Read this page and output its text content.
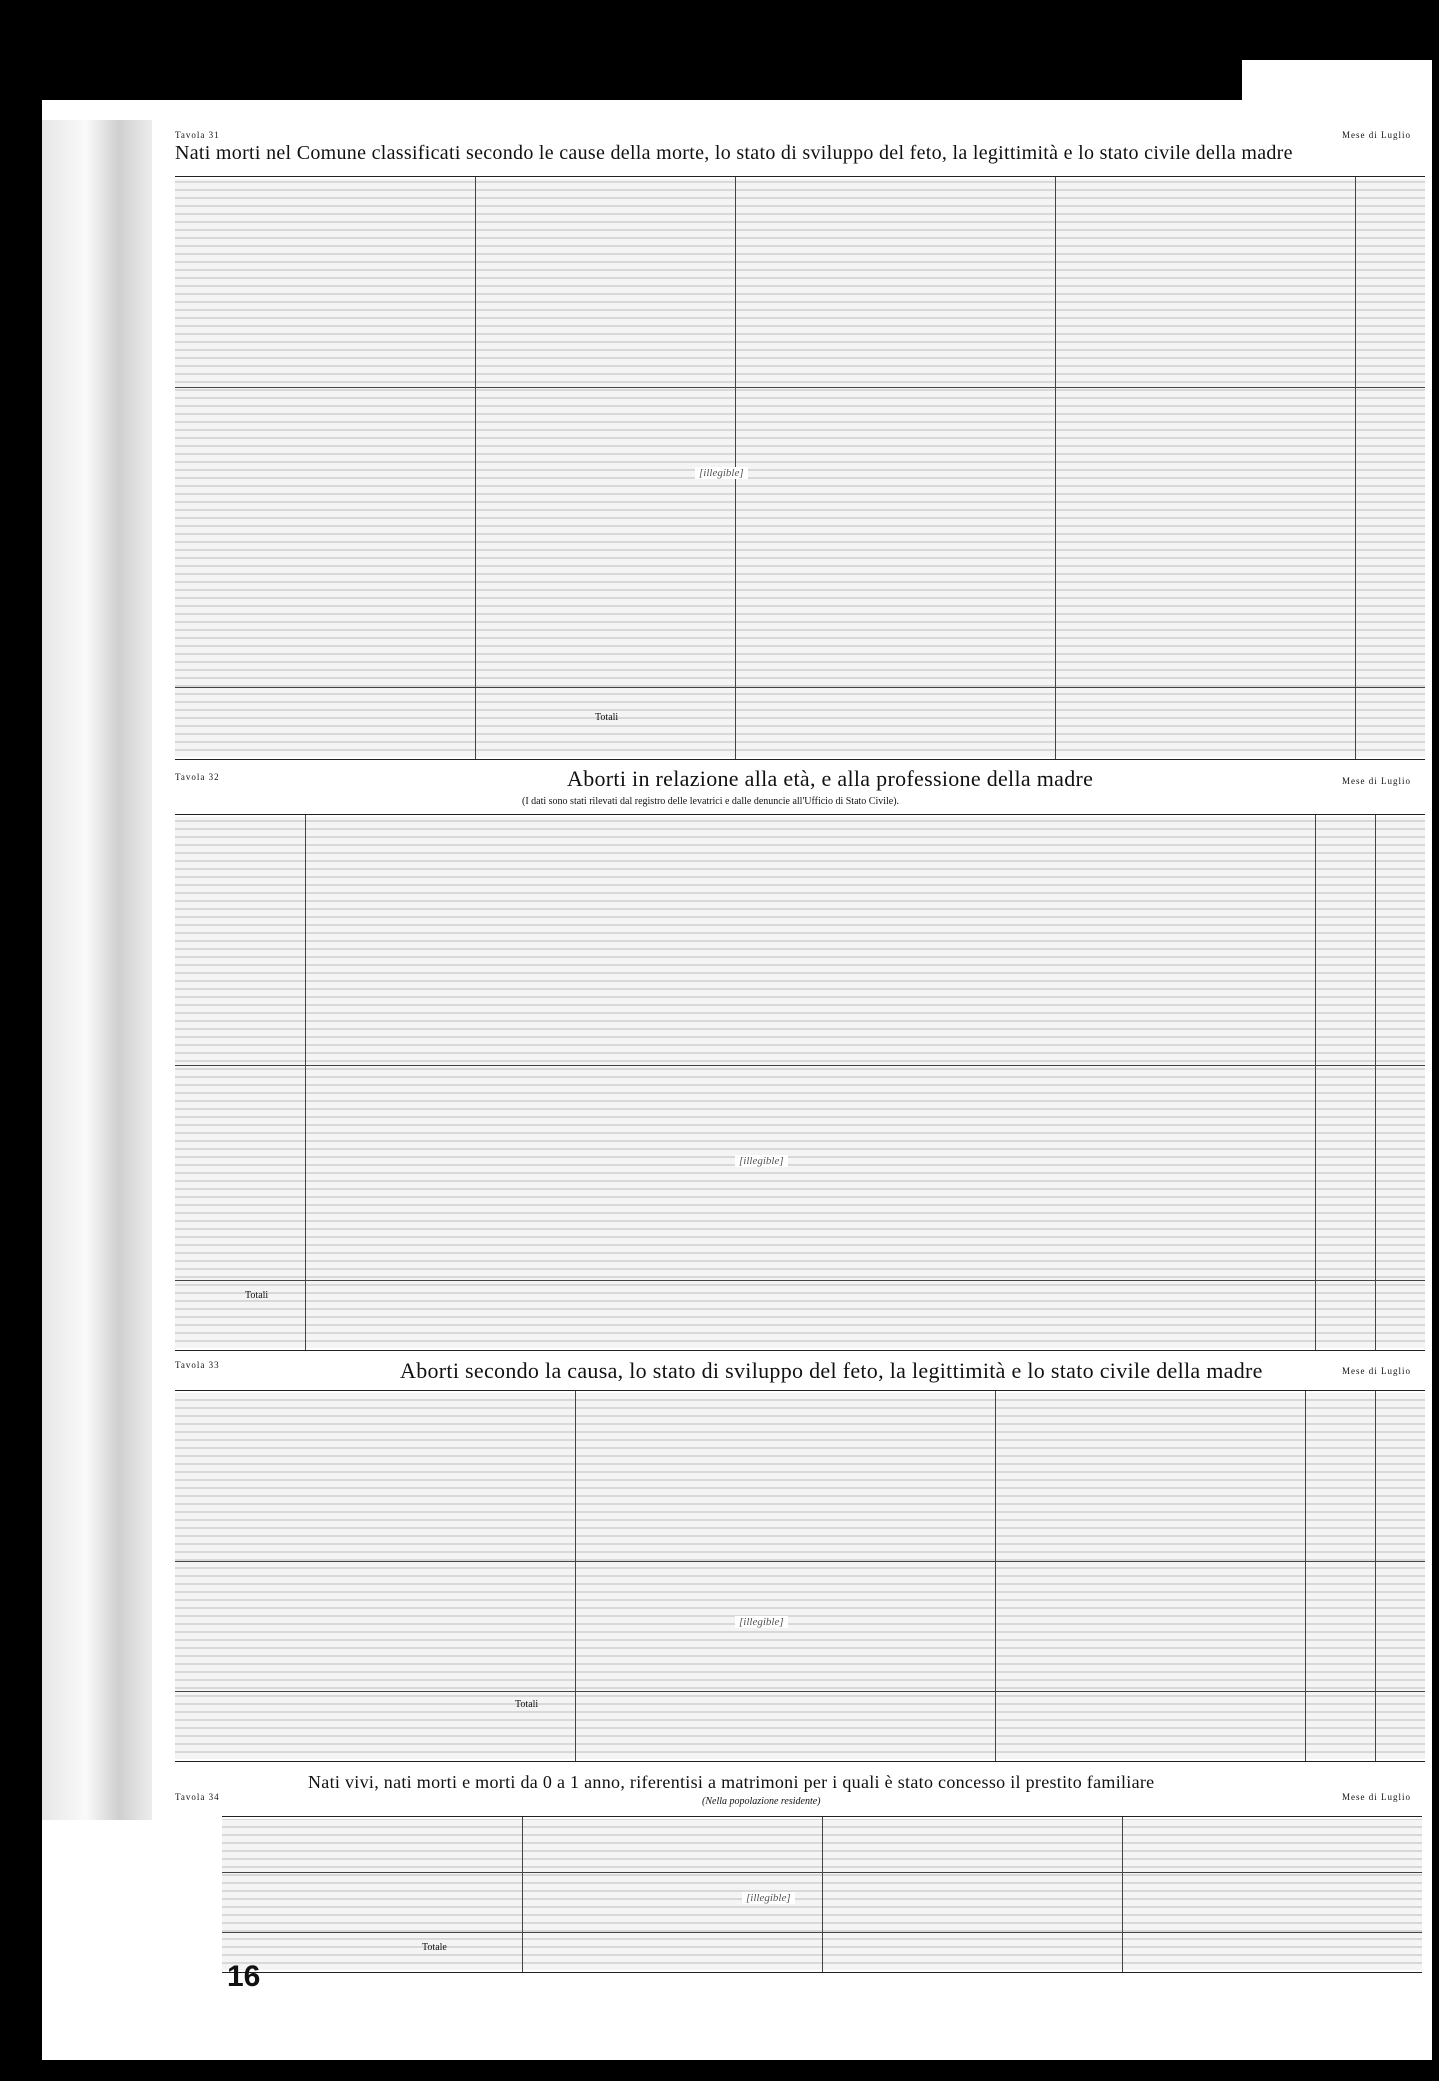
Tavola 31	Mese di Luglio
Nati morti nel Comune classificati secondo le cause della morte, lo stato di sviluppo del feto, la legittimità e lo stato civile della madre
[illegible]
Totali
Tavola 32	Mese di Luglio
Aborti in relazione alla età, e alla professione della madre
(I dati sono stati rilevati dal registro delle levatrici e dalle denuncie all'Ufficio di Stato Civile).
[illegible]
Totali
Tavola 33
Mese di Luglio
Aborti secondo la causa, lo stato di sviluppo del feto, la legittimità e lo stato civile della madre
[illegible]
Totali
Tavola 34	Mese di Luglio
Nati vivi, nati morti e morti da 0 a 1 anno, riferentisi a matrimoni per i quali è stato concesso il prestito familiare
(Nella popolazione residente)
[illegible]
Totale
16
